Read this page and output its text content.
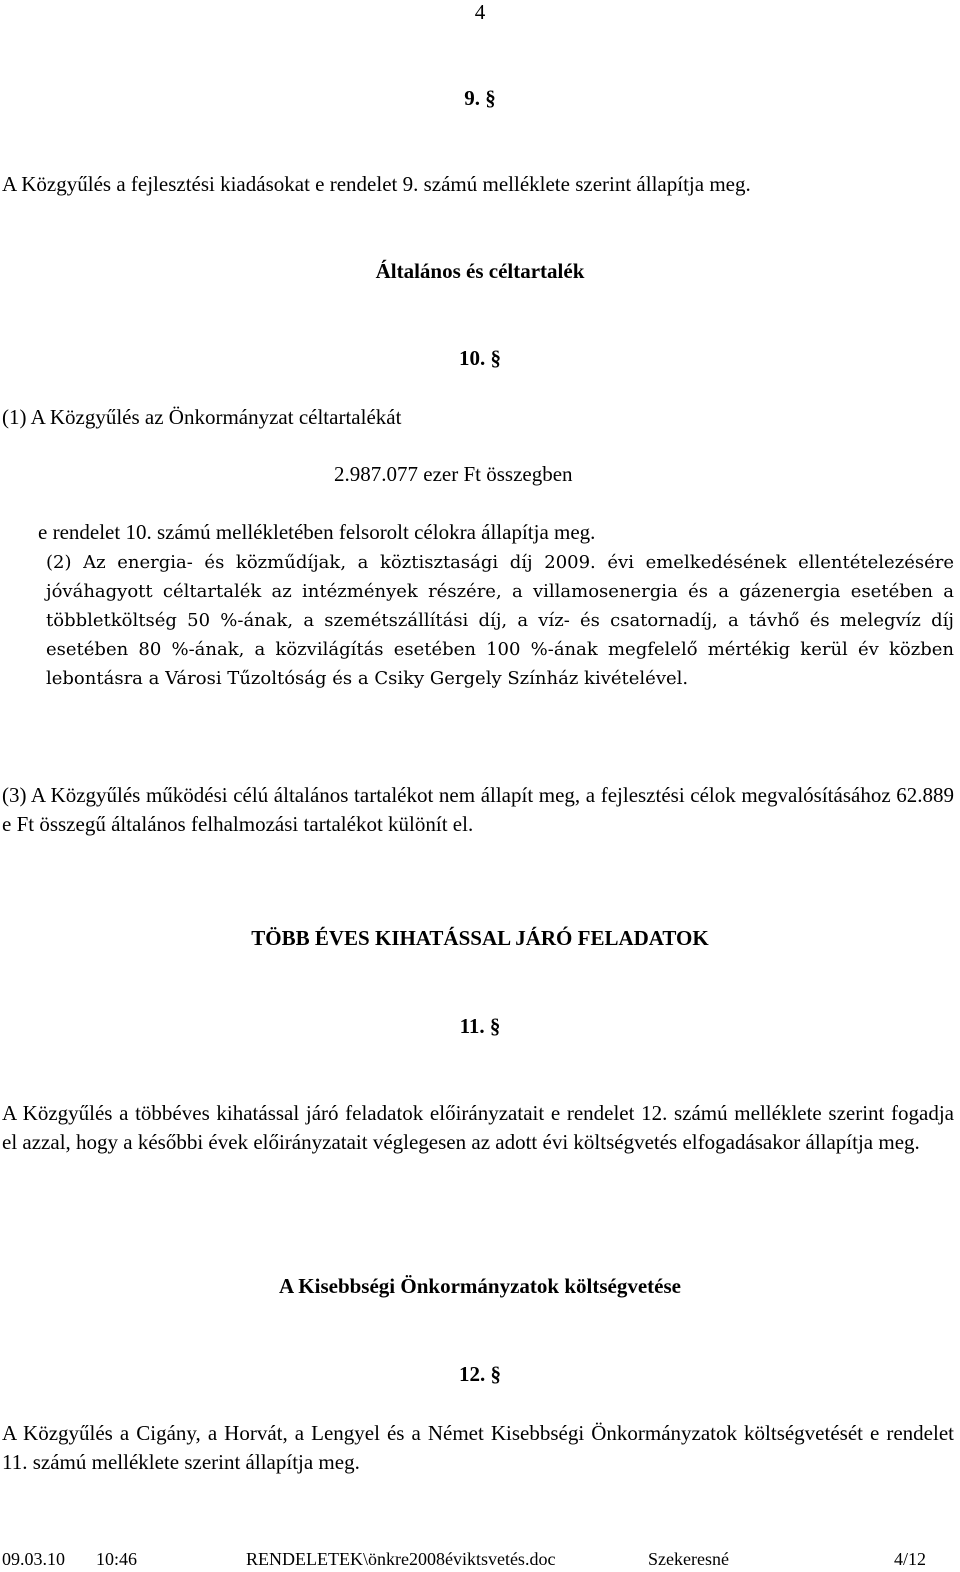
4
9. §
A Közgyűlés a fejlesztési kiadásokat e rendelet 9. számú melléklete szerint állapítja meg.
Általános és céltartalék
10. §
(1) A Közgyűlés az Önkormányzat céltartalékát
2.987.077 ezer Ft összegben
e rendelet 10. számú mellékletében felsorolt célokra állapítja meg.
(2) Az energia- és közműdíjak, a köztisztasági díj 2009. évi emelkedésének ellentételezésére jóváhagyott céltartalék az intézmények részére, a villamosenergia és a gázenergia esetében a többletköltség 50 %-ának, a szemétszállítási díj, a víz- és csatornadíj, a távhő és melegvíz díj esetében 80 %-ának, a közvilágítás esetében 100 %-ának megfelelő mértékig kerül év közben lebontásra a Városi Tűzoltóság és a Csiky Gergely Színház kivételével.
(3) A Közgyűlés működési célú általános tartalékot nem állapít meg, a fejlesztési célok megvalósításához 62.889 e Ft összegű általános felhalmozási tartalékot különít el.
TÖBB ÉVES KIHATÁSSAL JÁRÓ FELADATOK
11. §
A Közgyűlés a többéves kihatással járó feladatok előirányzatait e rendelet 12. számú melléklete szerint fogadja el azzal, hogy a későbbi évek előirányzatait véglegesen az adott évi költségvetés elfogadásakor állapítja meg.
A Kisebbségi Önkormányzatok költségvetése
12. §
A Közgyűlés a Cigány, a Horvát, a Lengyel és a Német Kisebbségi Önkormányzatok költségvetését e rendelet 11. számú melléklete szerint állapítja meg.
09.03.10 10:46	RENDELETEK\önkre2008éviktsvetés.doc	Szekeresné	4/12
